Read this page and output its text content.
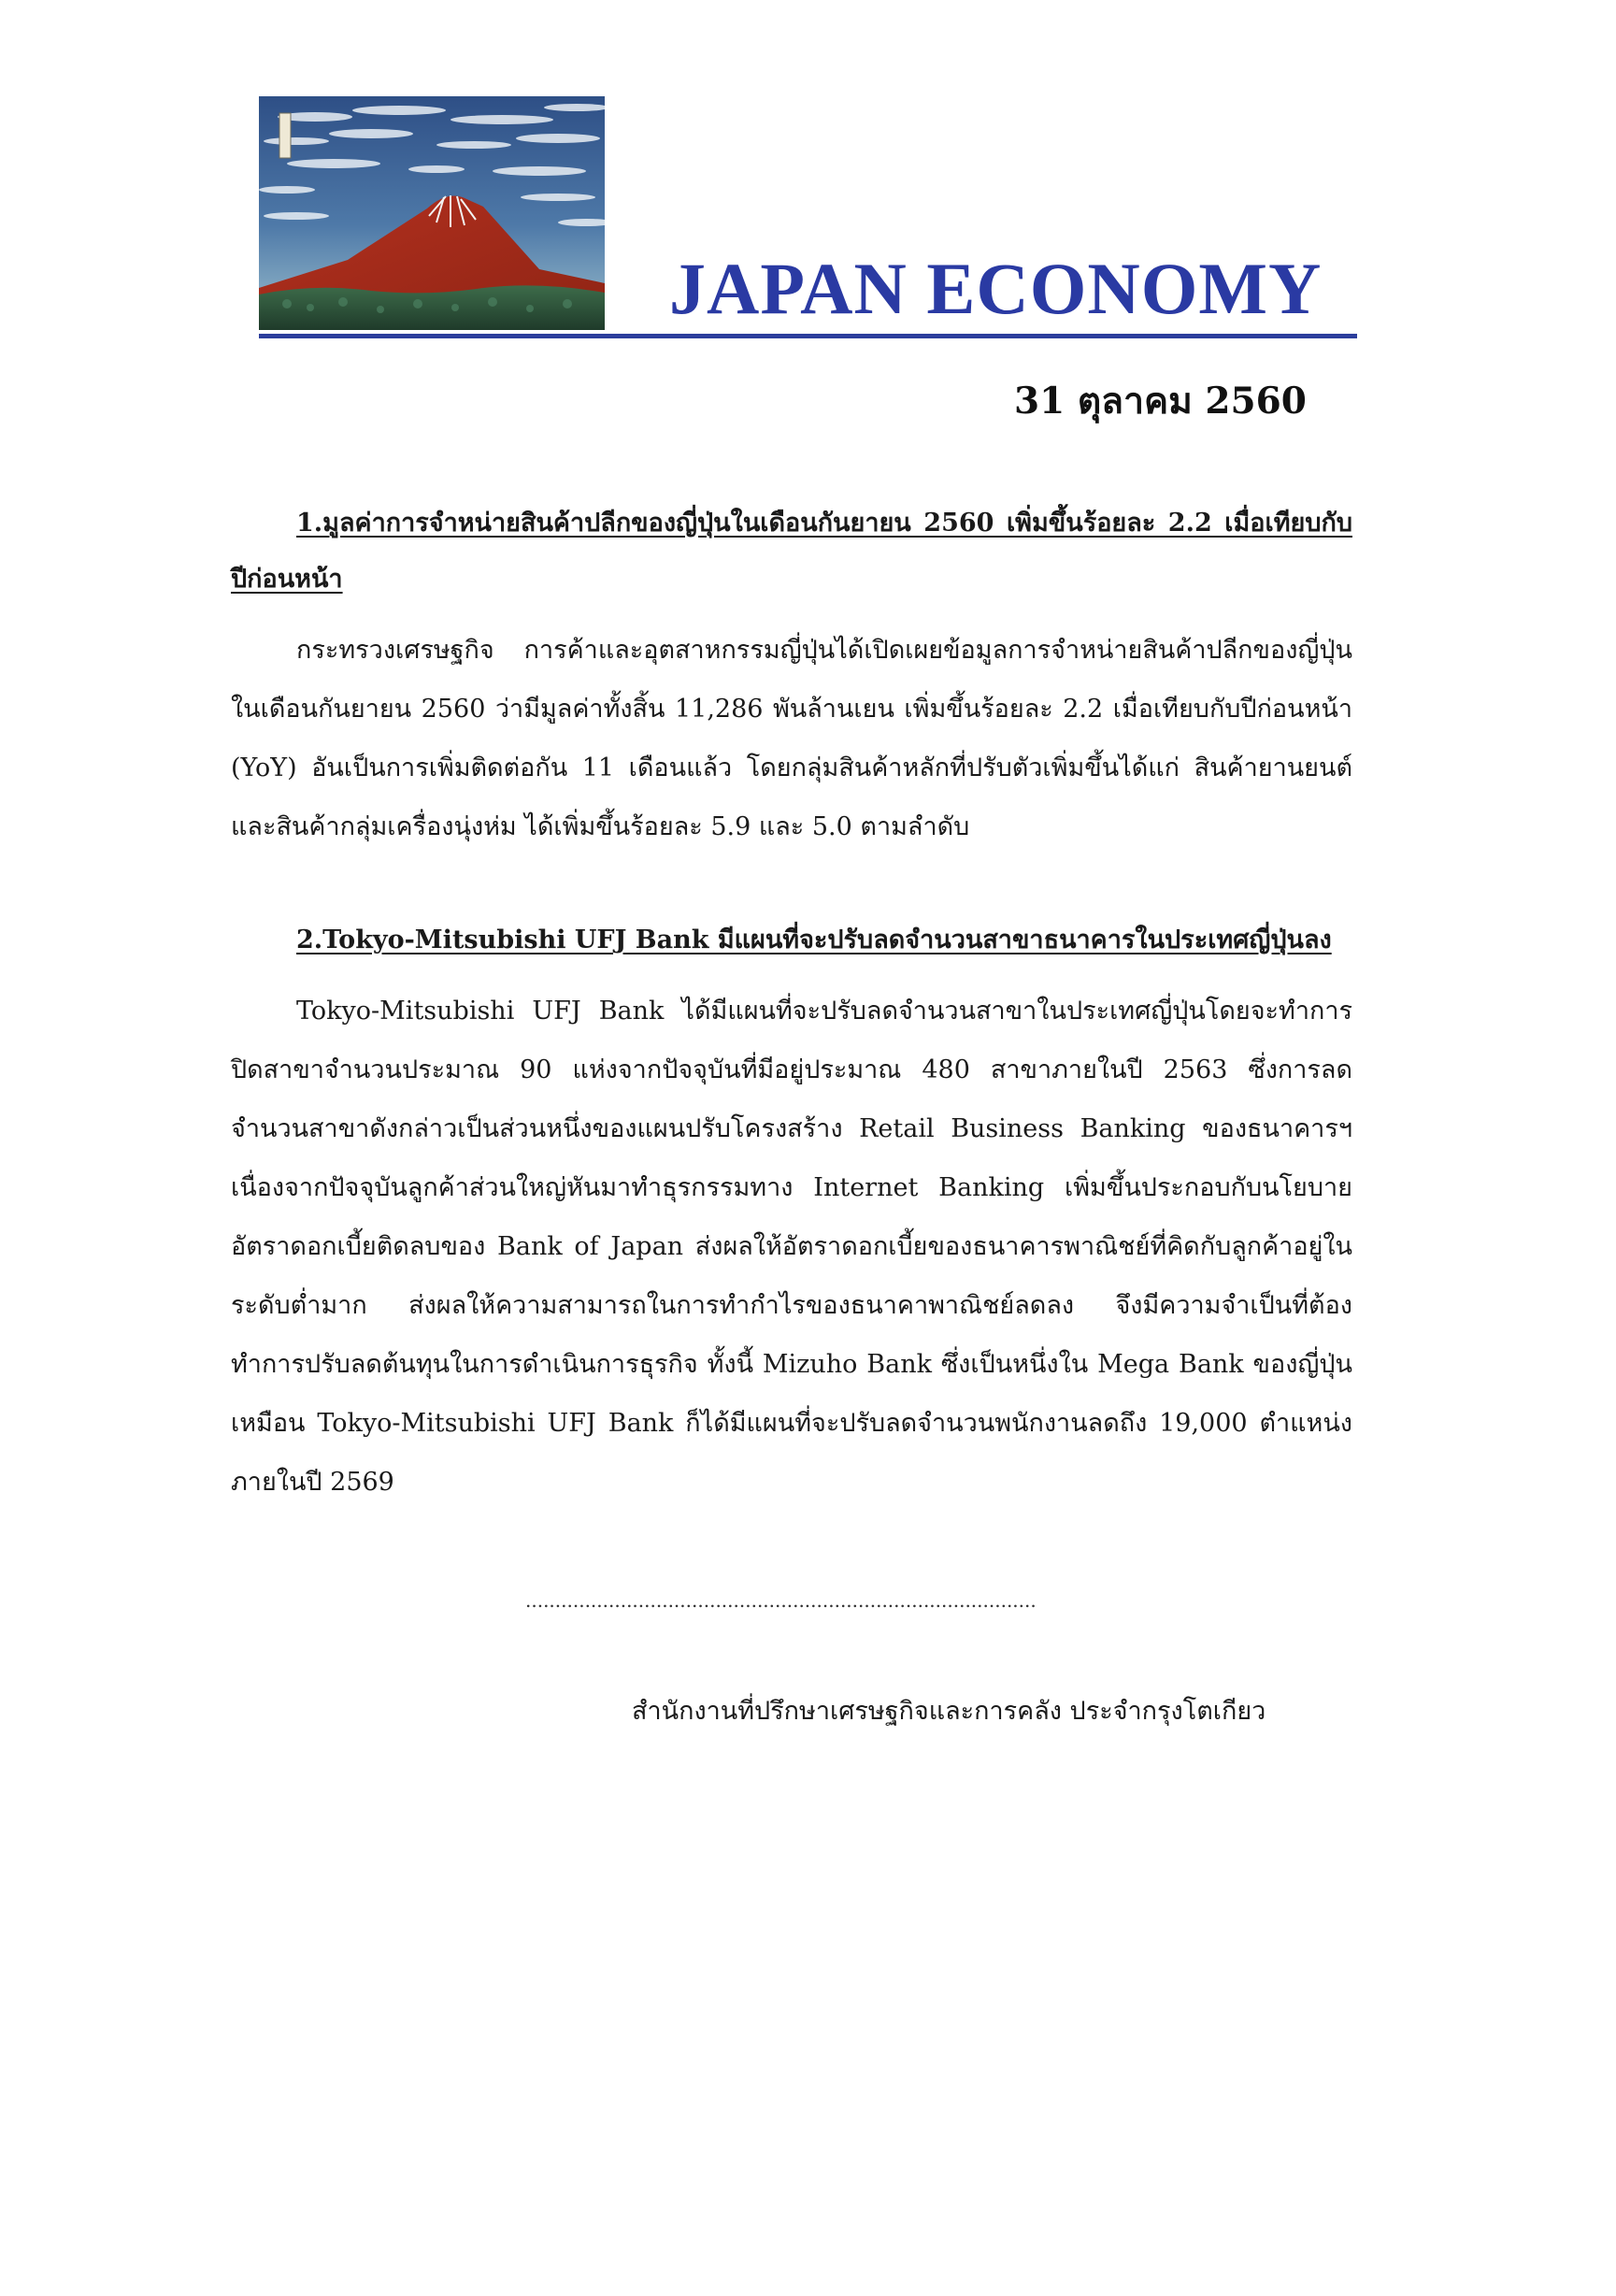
JAPAN ECONOMY

31 ตุลาคม 2560

1.มูลค่าการจำหน่ายสินค้าปลีกของญี่ปุ่นในเดือนกันยายน 2560 เพิ่มขึ้นร้อยละ 2.2 เมื่อเทียบกับปีก่อนหน้า

กระทรวงเศรษฐกิจ การค้าและอุตสาหกรรมญี่ปุ่นได้เปิดเผยข้อมูลการจำหน่ายสินค้าปลีกของญี่ปุ่นในเดือนกันยายน 2560 ว่ามีมูลค่าทั้งสิ้น 11,286 พันล้านเยน เพิ่มขึ้นร้อยละ 2.2 เมื่อเทียบกับปีก่อนหน้า (YoY) อันเป็นการเพิ่มติดต่อกัน 11 เดือนแล้ว โดยกลุ่มสินค้าหลักที่ปรับตัวเพิ่มขึ้นได้แก่ สินค้ายานยนต์และสินค้ากลุ่มเครื่องนุ่งห่ม ได้เพิ่มขึ้นร้อยละ 5.9 และ 5.0 ตามลำดับ

2.Tokyo-Mitsubishi UFJ Bank มีแผนที่จะปรับลดจำนวนสาขาธนาคารในประเทศญี่ปุ่นลง

Tokyo-Mitsubishi UFJ Bank ได้มีแผนที่จะปรับลดจำนวนสาขาในประเทศญี่ปุ่นโดยจะทำการปิดสาขาจำนวนประมาณ 90 แห่งจากปัจจุบันที่มีอยู่ประมาณ 480 สาขาภายในปี 2563 ซึ่งการลดจำนวนสาขาดังกล่าวเป็นส่วนหนึ่งของแผนปรับโครงสร้าง Retail Business Banking ของธนาคารฯ เนื่องจากปัจจุบันลูกค้าส่วนใหญ่หันมาทำธุรกรรมทาง Internet Banking เพิ่มขึ้นประกอบกับนโยบายอัตราดอกเบี้ยติดลบของ Bank of Japan ส่งผลให้อัตราดอกเบี้ยของธนาคารพาณิชย์ที่คิดกับลูกค้าอยู่ในระดับต่ำมาก ส่งผลให้ความสามารถในการทำกำไรของธนาคาพาณิชย์ลดลง จึงมีความจำเป็นที่ต้องทำการปรับลดต้นทุนในการดำเนินการธุรกิจ ทั้งนี้ Mizuho Bank ซึ่งเป็นหนึ่งใน Mega Bank ของญี่ปุ่นเหมือน Tokyo-Mitsubishi UFJ Bank ก็ได้มีแผนที่จะปรับลดจำนวนพนักงานลดถึง 19,000 ตำแหน่งภายในปี 2569

......................................................................................

สำนักงานที่ปรึกษาเศรษฐกิจและการคลัง ประจำกรุงโตเกียว
